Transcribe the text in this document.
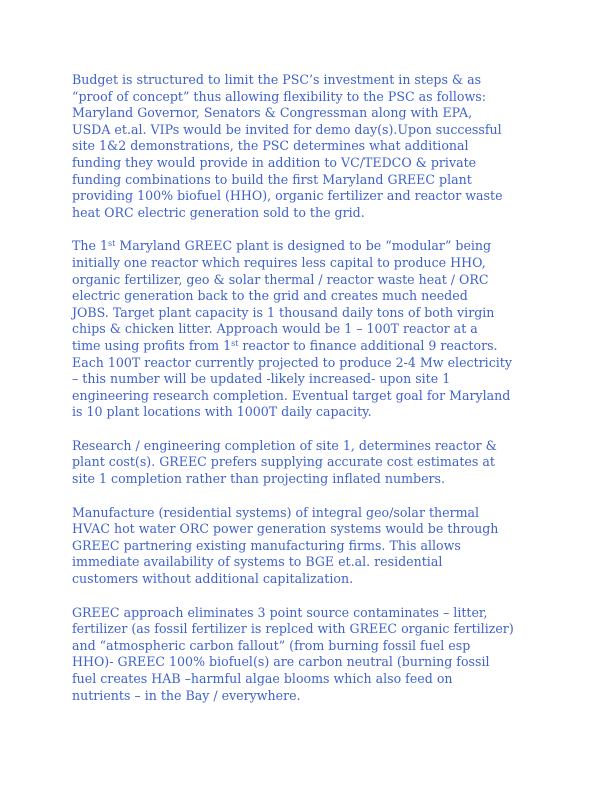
Budget is structured to limit the PSC’s investment in steps & as
“proof of concept” thus allowing flexibility to the PSC as follows:
Maryland Governor, Senators & Congressman along with EPA,
USDA et.al. VIPs would be invited for demo day(s).Upon successful
site 1&2 demonstrations, the PSC determines what additional
funding they would provide in addition to VC/TEDCO & private
funding combinations to build the first Maryland GREEC plant
providing 100% biofuel (HHO), organic fertilizer and reactor waste
heat ORC electric generation sold to the grid.

The 1st Maryland GREEC plant is designed to be “modular” being
initially one reactor which requires less capital to produce HHO,
organic fertilizer, geo & solar thermal / reactor waste heat / ORC
electric generation back to the grid and creates much needed
JOBS. Target plant capacity is 1 thousand daily tons of both virgin
chips & chicken litter. Approach would be 1 – 100T reactor at a
time using profits from 1st reactor to finance additional 9 reactors.
Each 100T reactor currently projected to produce 2-4 Mw electricity
– this number will be updated -likely increased- upon site 1
engineering research completion. Eventual target goal for Maryland
is 10 plant locations with 1000T daily capacity.

Research / engineering completion of site 1, determines reactor &
plant cost(s). GREEC prefers supplying accurate cost estimates at
site 1 completion rather than projecting inflated numbers.

Manufacture (residential systems) of integral geo/solar thermal
HVAC hot water ORC power generation systems would be through
GREEC partnering existing manufacturing firms. This allows
immediate availability of systems to BGE et.al. residential
customers without additional capitalization.

GREEC approach eliminates 3 point source contaminates – litter,
fertilizer (as fossil fertilizer is replced with GREEC organic fertilizer)
and “atmospheric carbon fallout” (from burning fossil fuel esp
HHO)- GREEC 100% biofuel(s) are carbon neutral (burning fossil
fuel creates HAB –harmful algae blooms which also feed on
nutrients – in the Bay / everywhere.
